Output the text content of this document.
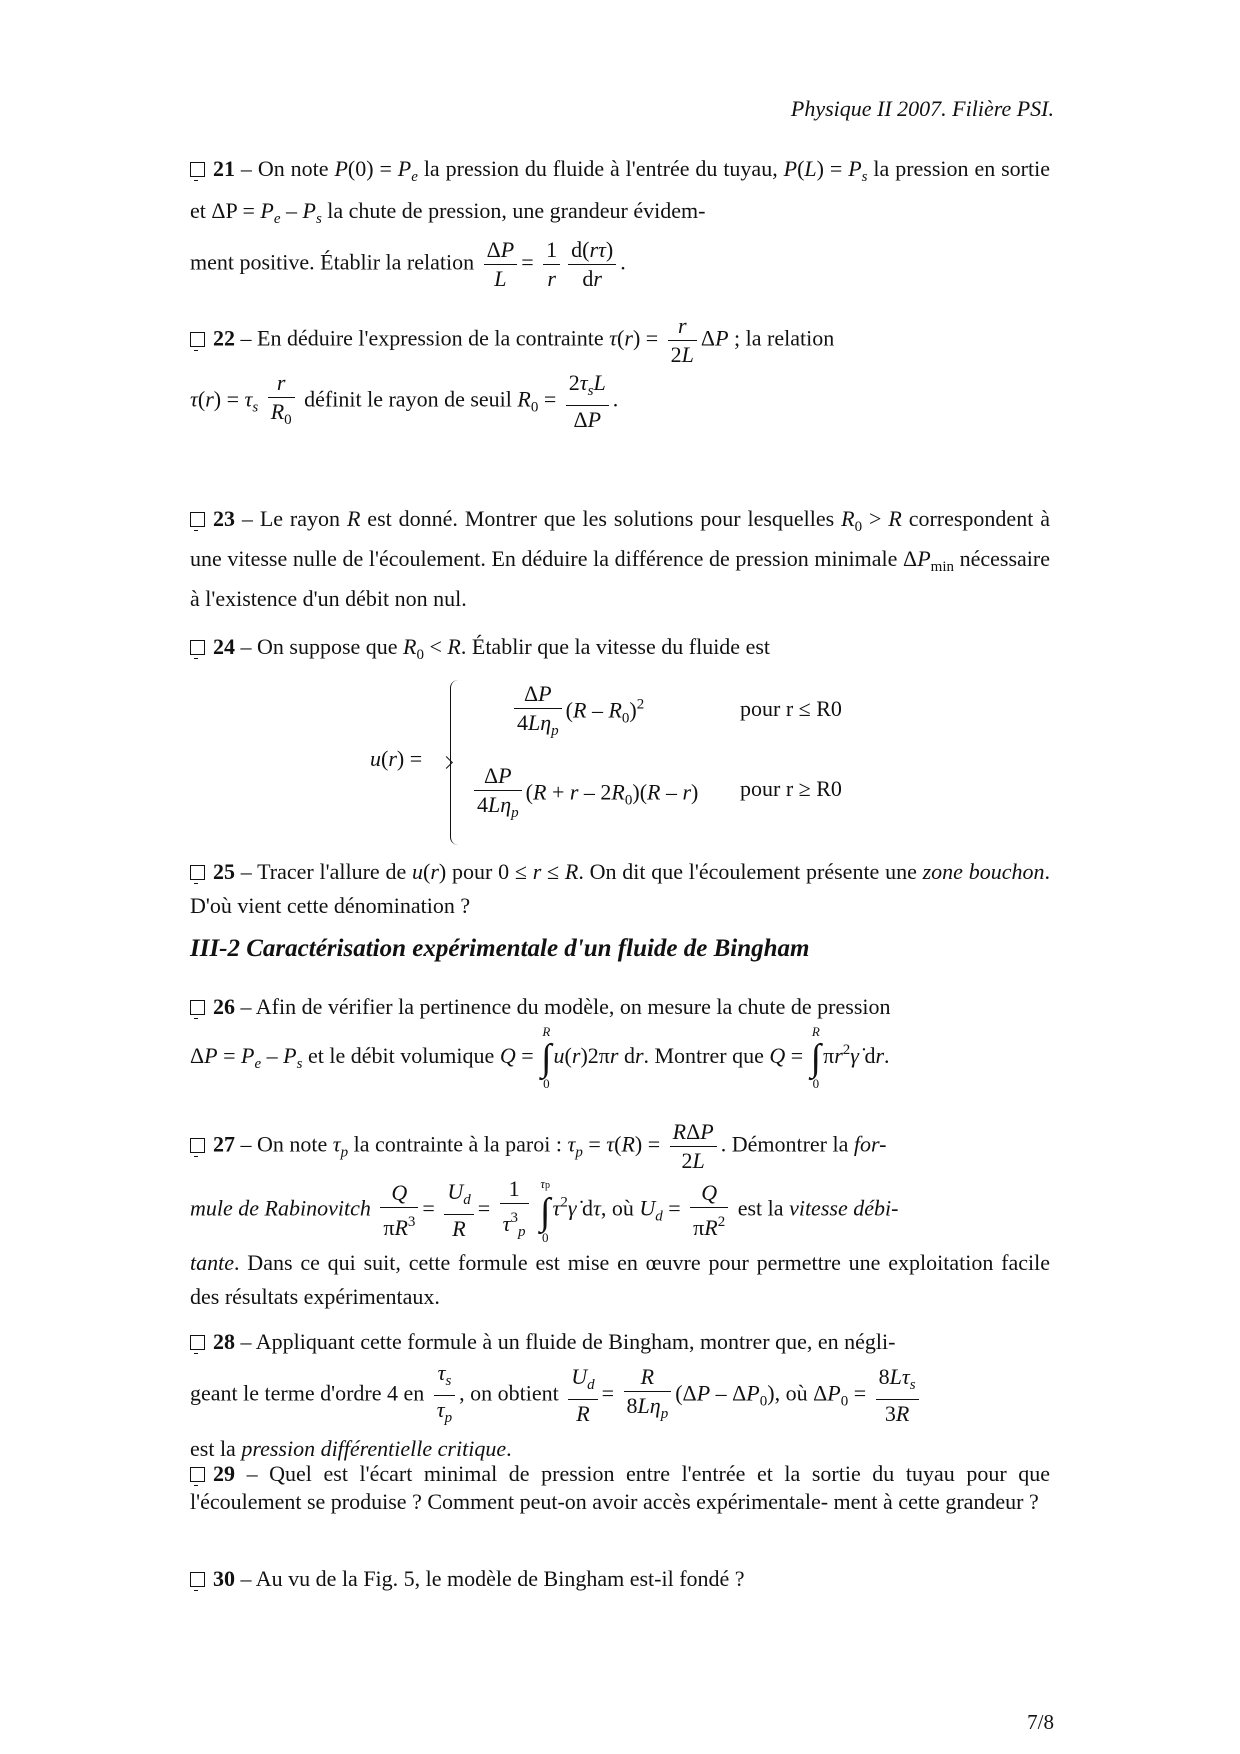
Physique II 2007. Filière PSI.
21 – On note $P(0) = P_e$ la pression du fluide à l'entrée du tuyau, $P(L) = P_s$ la pression en sortie et $\Delta P = P_e - P_s$ la chute de pression, une grandeur évidem-
ment positive. Établir la relation $\frac{\Delta P}{L} = \frac{1}{r} \frac{d(r\tau)}{dr}$ .
22 – En déduire l'expression de la contrainte $\tau(r) = \frac{r}{2L}$ ΔP ; la relation
$\tau(r) = \tau_s \frac{r}{R_0}$ définit le rayon de seuil $R_0 = \frac{2\tau_sL}{\Delta P}$ .
23 – Le rayon R est donné. Montrer que les solutions pour lesquelles $R_0 > R$ correspondent à une vitesse nulle de l'écoulement. En déduire la différence de pression minimale $\Delta P_{min}$ nécessaire à l'existence d'un débit non nul.
24 – On suppose que $R_0 < R$. Établir que la vitesse du fluide est
u(r) =
$\frac{\Delta P}{4L\eta_p} (R - R_0)^2$	pour r ≤ R0
$\frac{\Delta P}{4L\eta_p} (R + r - 2R_0)(R - r)$ pour r ≥ R0
25 – Tracer l'allure de u(r) pour 0 ≤ r ≤ R. On dit que l'écoulement présente une zone bouchon. D'où vient cette dénomination ?
III-2 Caractérisation expérimentale d'un fluide de Bingham
26 – Afin de vérifier la pertinence du modèle, on mesure la chute de pression
$\Delta P = P_e - P_s$ et le débit volumique Q =
R
∫
0
u(r)2πr dr. Montrer que Q =
R
∫
0
$\pi r^2\gammȧ$ dr.
27 – On note $\tau_p$ la contrainte à la paroi : $\tau_p = \tau(R) = \frac{\text{RΔP}}{2L}$ . Démontrer la for-
mule de Rabinovitch $\frac{Q}{\pi R^3} = \frac{U_d}{R} = \frac{1}{\tau^3_p}$
τp
∫
0
$\tau^2\gammȧ$ dτ, où $U_d = \frac{Q}{\pi R^2}$ est la vitesse débi-
tante. Dans ce qui suit, cette formule est mise en œuvre pour permettre une exploitation facile des résultats expérimentaux.
28 – Appliquant cette formule à un fluide de Bingham, montrer que, en négli-
geant le terme d'ordre 4 en $\frac{\tau_s}{\tau_p}$ , on obtient $\frac{U_d}{R} = \frac{R}{8L\eta_p} (\Delta P - \Delta P_0)$, où $\Delta P_0 = \frac{8L\tau_s}{3R}$

est la pression différentielle critique.
29 – Quel est l'écart minimal de pression entre l'entrée et la sortie du tuyau pour que l'écoulement se produise ? Comment peut-on avoir accès expérimentale- ment à cette grandeur ?
30 – Au vu de la Fig. 5, le modèle de Bingham est-il fondé ?
7/8
